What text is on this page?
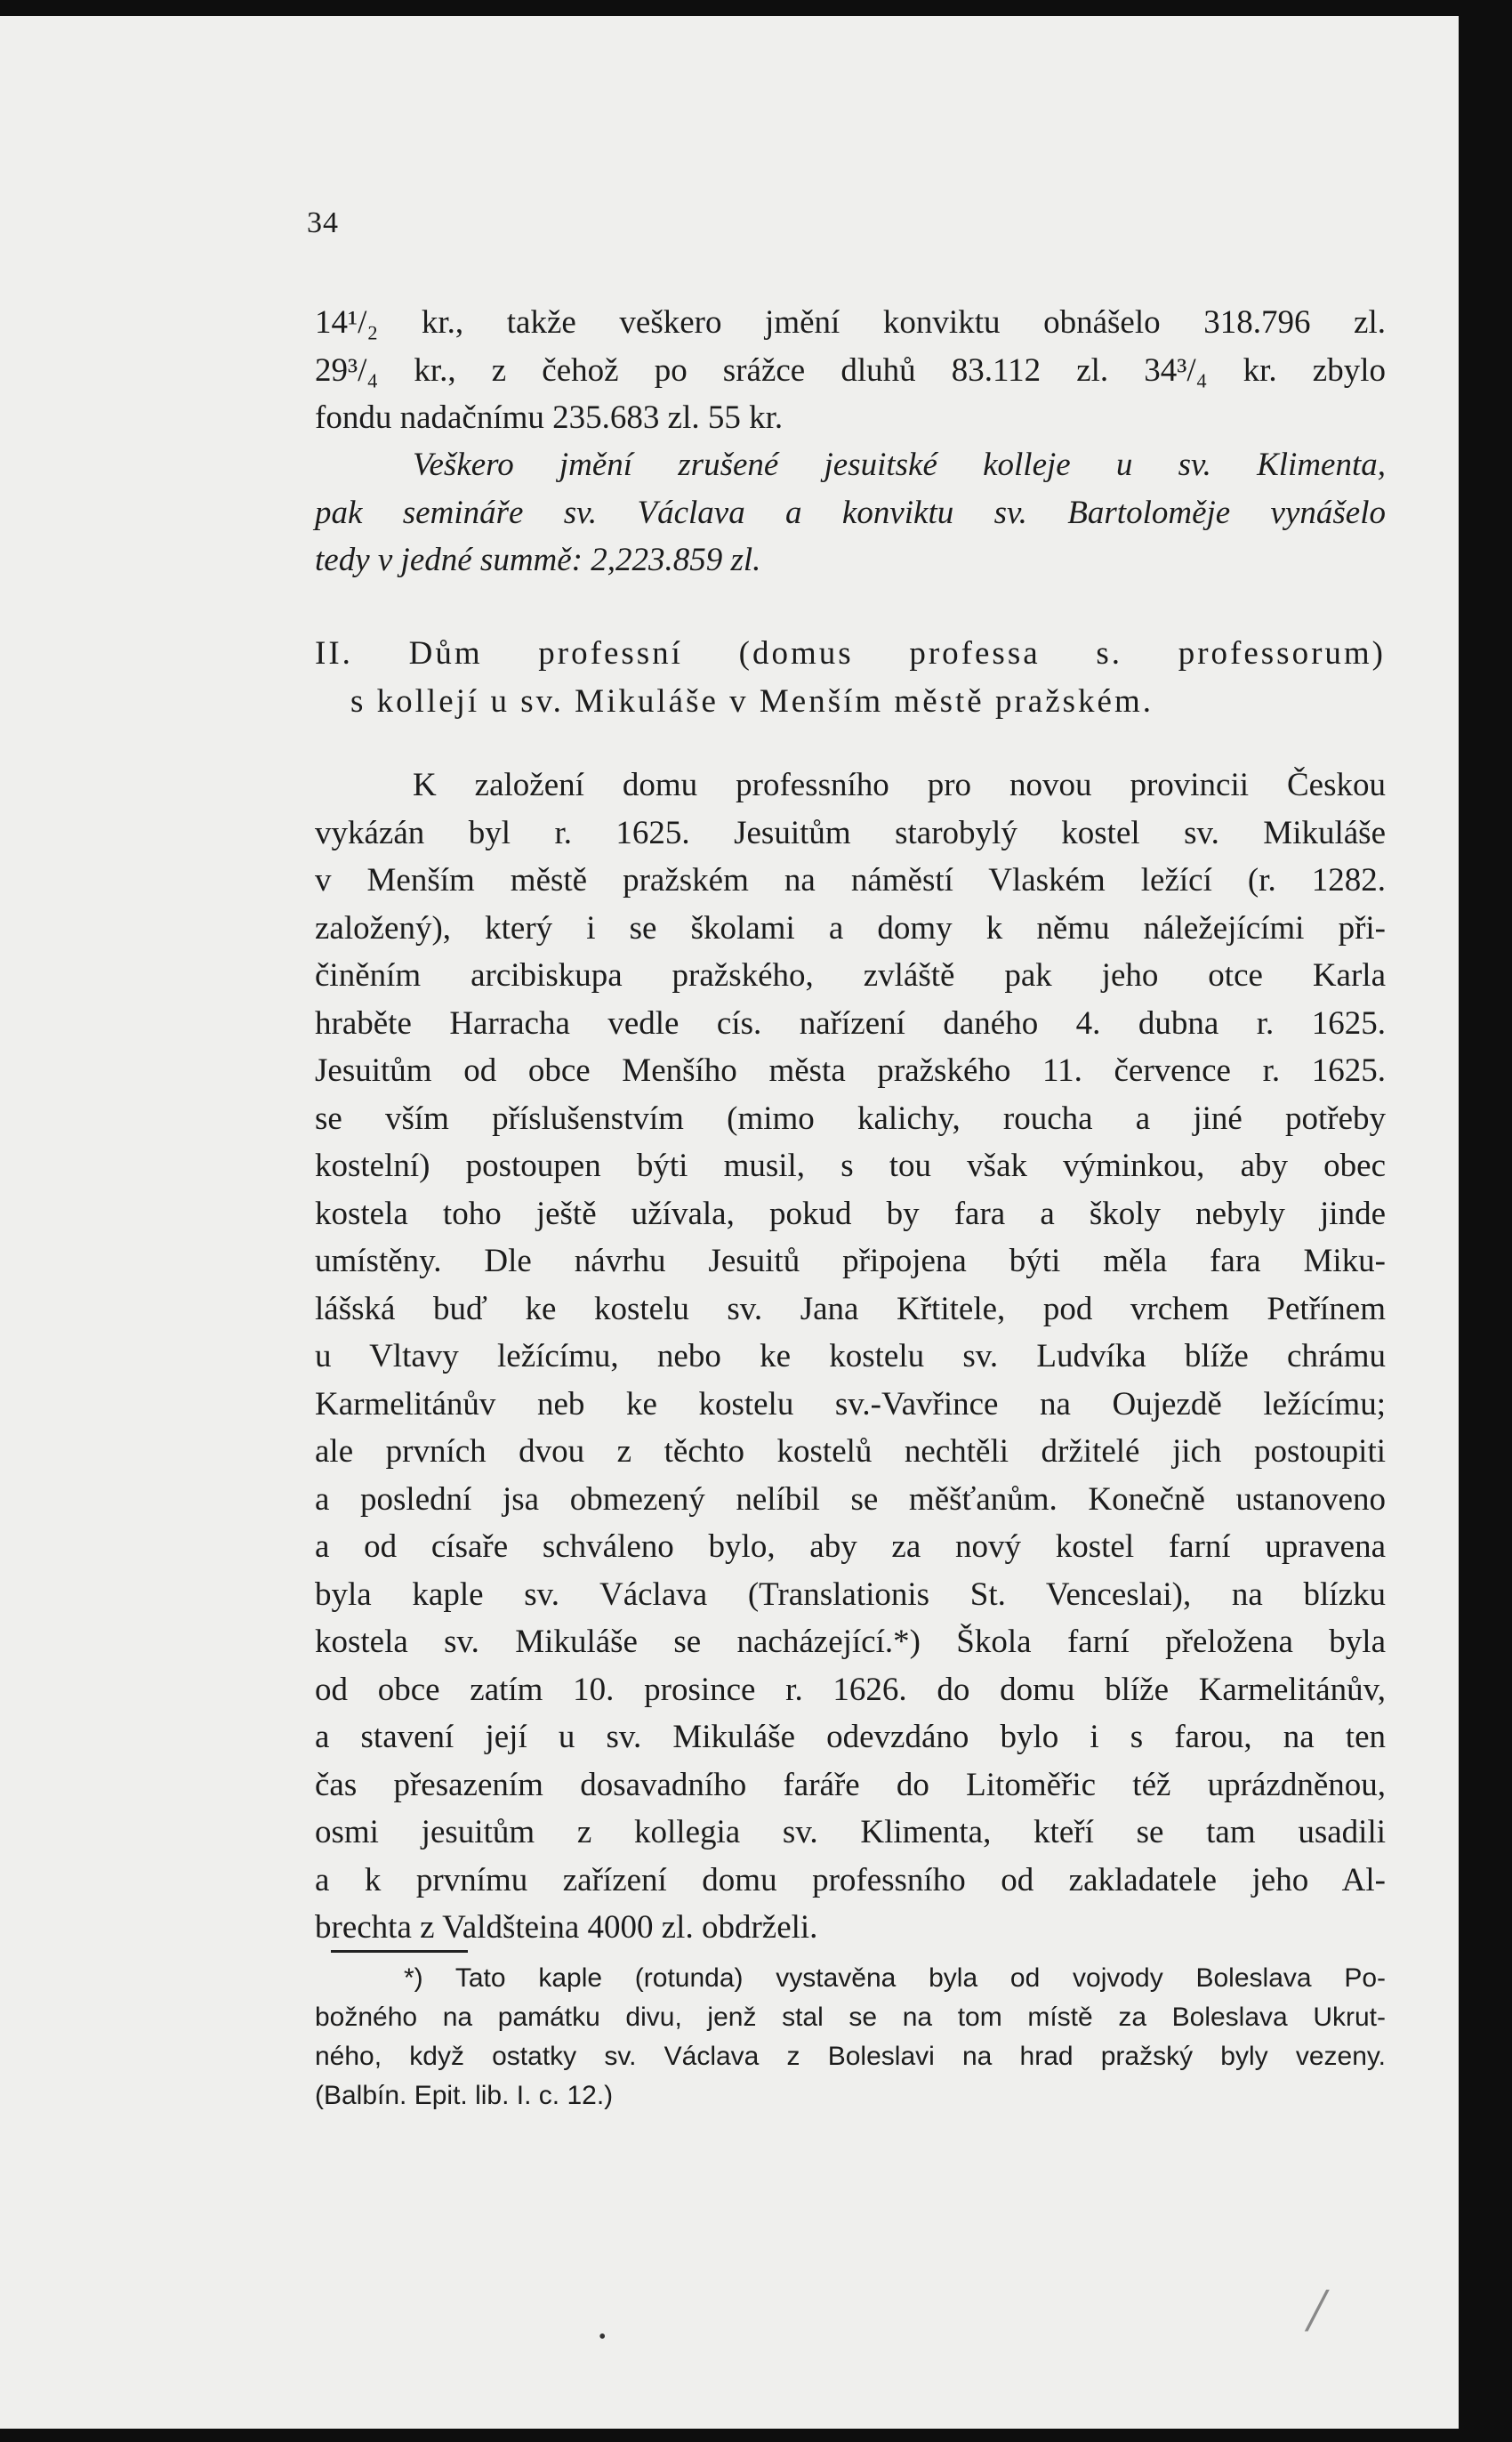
34
14¹/₂ kr., takže veškero jmění konviktu obnášelo 318.796 zl.
29³/₄ kr., z čehož po srážce dluhů 83.112 zl. 34³/₄ kr. zbylo
fondu nadačnímu 235.683 zl. 55 kr.
Veškero jmění zrušené jesuitské kolleje u sv. Klimenta,
pak semináře sv. Václava a konviktu sv. Bartoloměje vynášelo
tedy v jedné summě: 2,223.859 zl.
II. Dům professní (domus professa s. professorum)
s kollejí u sv. Mikuláše v Menším městě pražském.
K založení domu professního pro novou provincii Českou
vykázán byl r. 1625. Jesuitům starobylý kostel sv. Mikuláše
v Menším městě pražském na náměstí Vlaském ležící (r. 1282.
založený), který i se školami a domy k němu náležejícími při-
činěním arcibiskupa pražského, zvláště pak jeho otce Karla
hraběte Harracha vedle cís. nařízení daného 4. dubna r. 1625.
Jesuitům od obce Menšího města pražského 11. července r. 1625.
se vším příslušenstvím (mimo kalichy, roucha a jiné potřeby
kostelní) postoupen býti musil, s tou však výminkou, aby obec
kostela toho ještě užívala, pokud by fara a školy nebyly jinde
umístěny. Dle návrhu Jesuitů připojena býti měla fara Miku-
lášská buď ke kostelu sv. Jana Křtitele, pod vrchem Petřínem
u Vltavy ležícímu, nebo ke kostelu sv. Ludvíka blíže chrámu
Karmelitánův neb ke kostelu sv.-Vavřince na Oujezdě ležícímu;
ale prvních dvou z těchto kostelů nechtěli držitelé jich postoupiti
a poslední jsa obmezený nelíbil se měšťanům. Konečně ustanoveno
a od císaře schváleno bylo, aby za nový kostel farní upravena
byla kaple sv. Václava (Translationis St. Venceslai), na blízku
kostela sv. Mikuláše se nacházející.*) Škola farní přeložena byla
od obce zatím 10. prosince r. 1626. do domu blíže Karmelitánův,
a stavení její u sv. Mikuláše odevzdáno bylo i s farou, na ten
čas přesazením dosavadního faráře do Litoměřic též uprázdněnou,
osmi jesuitům z kollegia sv. Klimenta, kteří se tam usadili
a k prvnímu zařízení domu professního od zakladatele jeho Al-
brechta z Valdšteina 4000 zl. obdrželi.
*) Tato kaple (rotunda) vystavěna byla od vojvody Boleslava Po-
božného na památku divu, jenž stal se na tom místě za Boleslava Ukrut-
ného, když ostatky sv. Václava z Boleslavi na hrad pražský byly vezeny.
(Balbín. Epit. lib. I. c. 12.)
•	/
